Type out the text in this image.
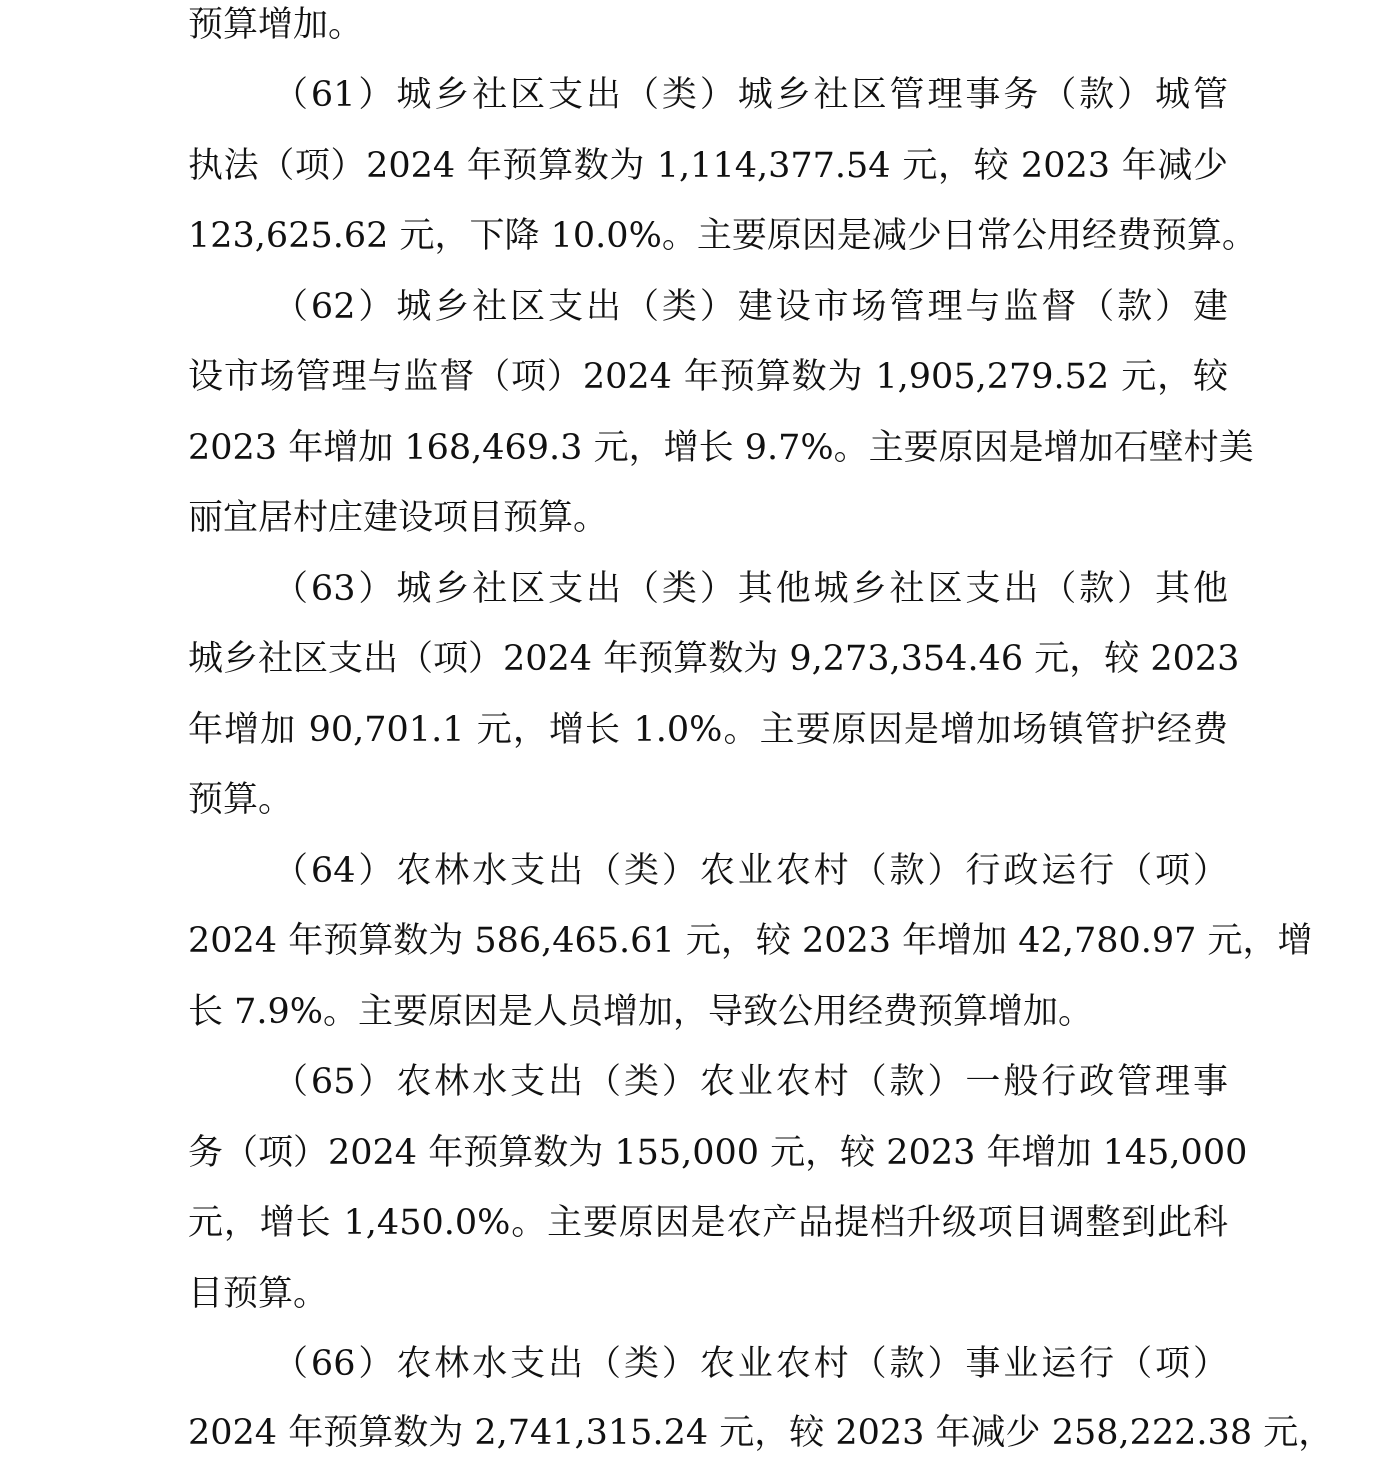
预算增加。
（61）城乡社区支出（类）城乡社区管理事务（款）城管
执法（项）2024 年预算数为 1,114,377.54 元，较 2023 年减少
123,625.62 元，下降 10.0%。主要原因是减少日常公用经费预算。
（62）城乡社区支出（类）建设市场管理与监督（款）建
设市场管理与监督（项）2024 年预算数为 1,905,279.52 元，较
2023 年增加 168,469.3 元，增长 9.7%。主要原因是增加石壁村美
丽宜居村庄建设项目预算。
（63）城乡社区支出（类）其他城乡社区支出（款）其他
城乡社区支出（项）2024 年预算数为 9,273,354.46 元，较 2023
年增加 90,701.1 元，增长 1.0%。主要原因是增加场镇管护经费
预算。
（64）农林水支出（类）农业农村（款）行政运行（项）
2024 年预算数为 586,465.61 元，较 2023 年增加 42,780.97 元，增
长 7.9%。主要原因是人员增加，导致公用经费预算增加。
（65）农林水支出（类）农业农村（款）一般行政管理事
务（项）2024 年预算数为 155,000 元，较 2023 年增加 145,000
元，增长 1,450.0%。主要原因是农产品提档升级项目调整到此科
目预算。
（66）农林水支出（类）农业农村（款）事业运行（项）
2024 年预算数为 2,741,315.24 元，较 2023 年减少 258,222.38 元，
